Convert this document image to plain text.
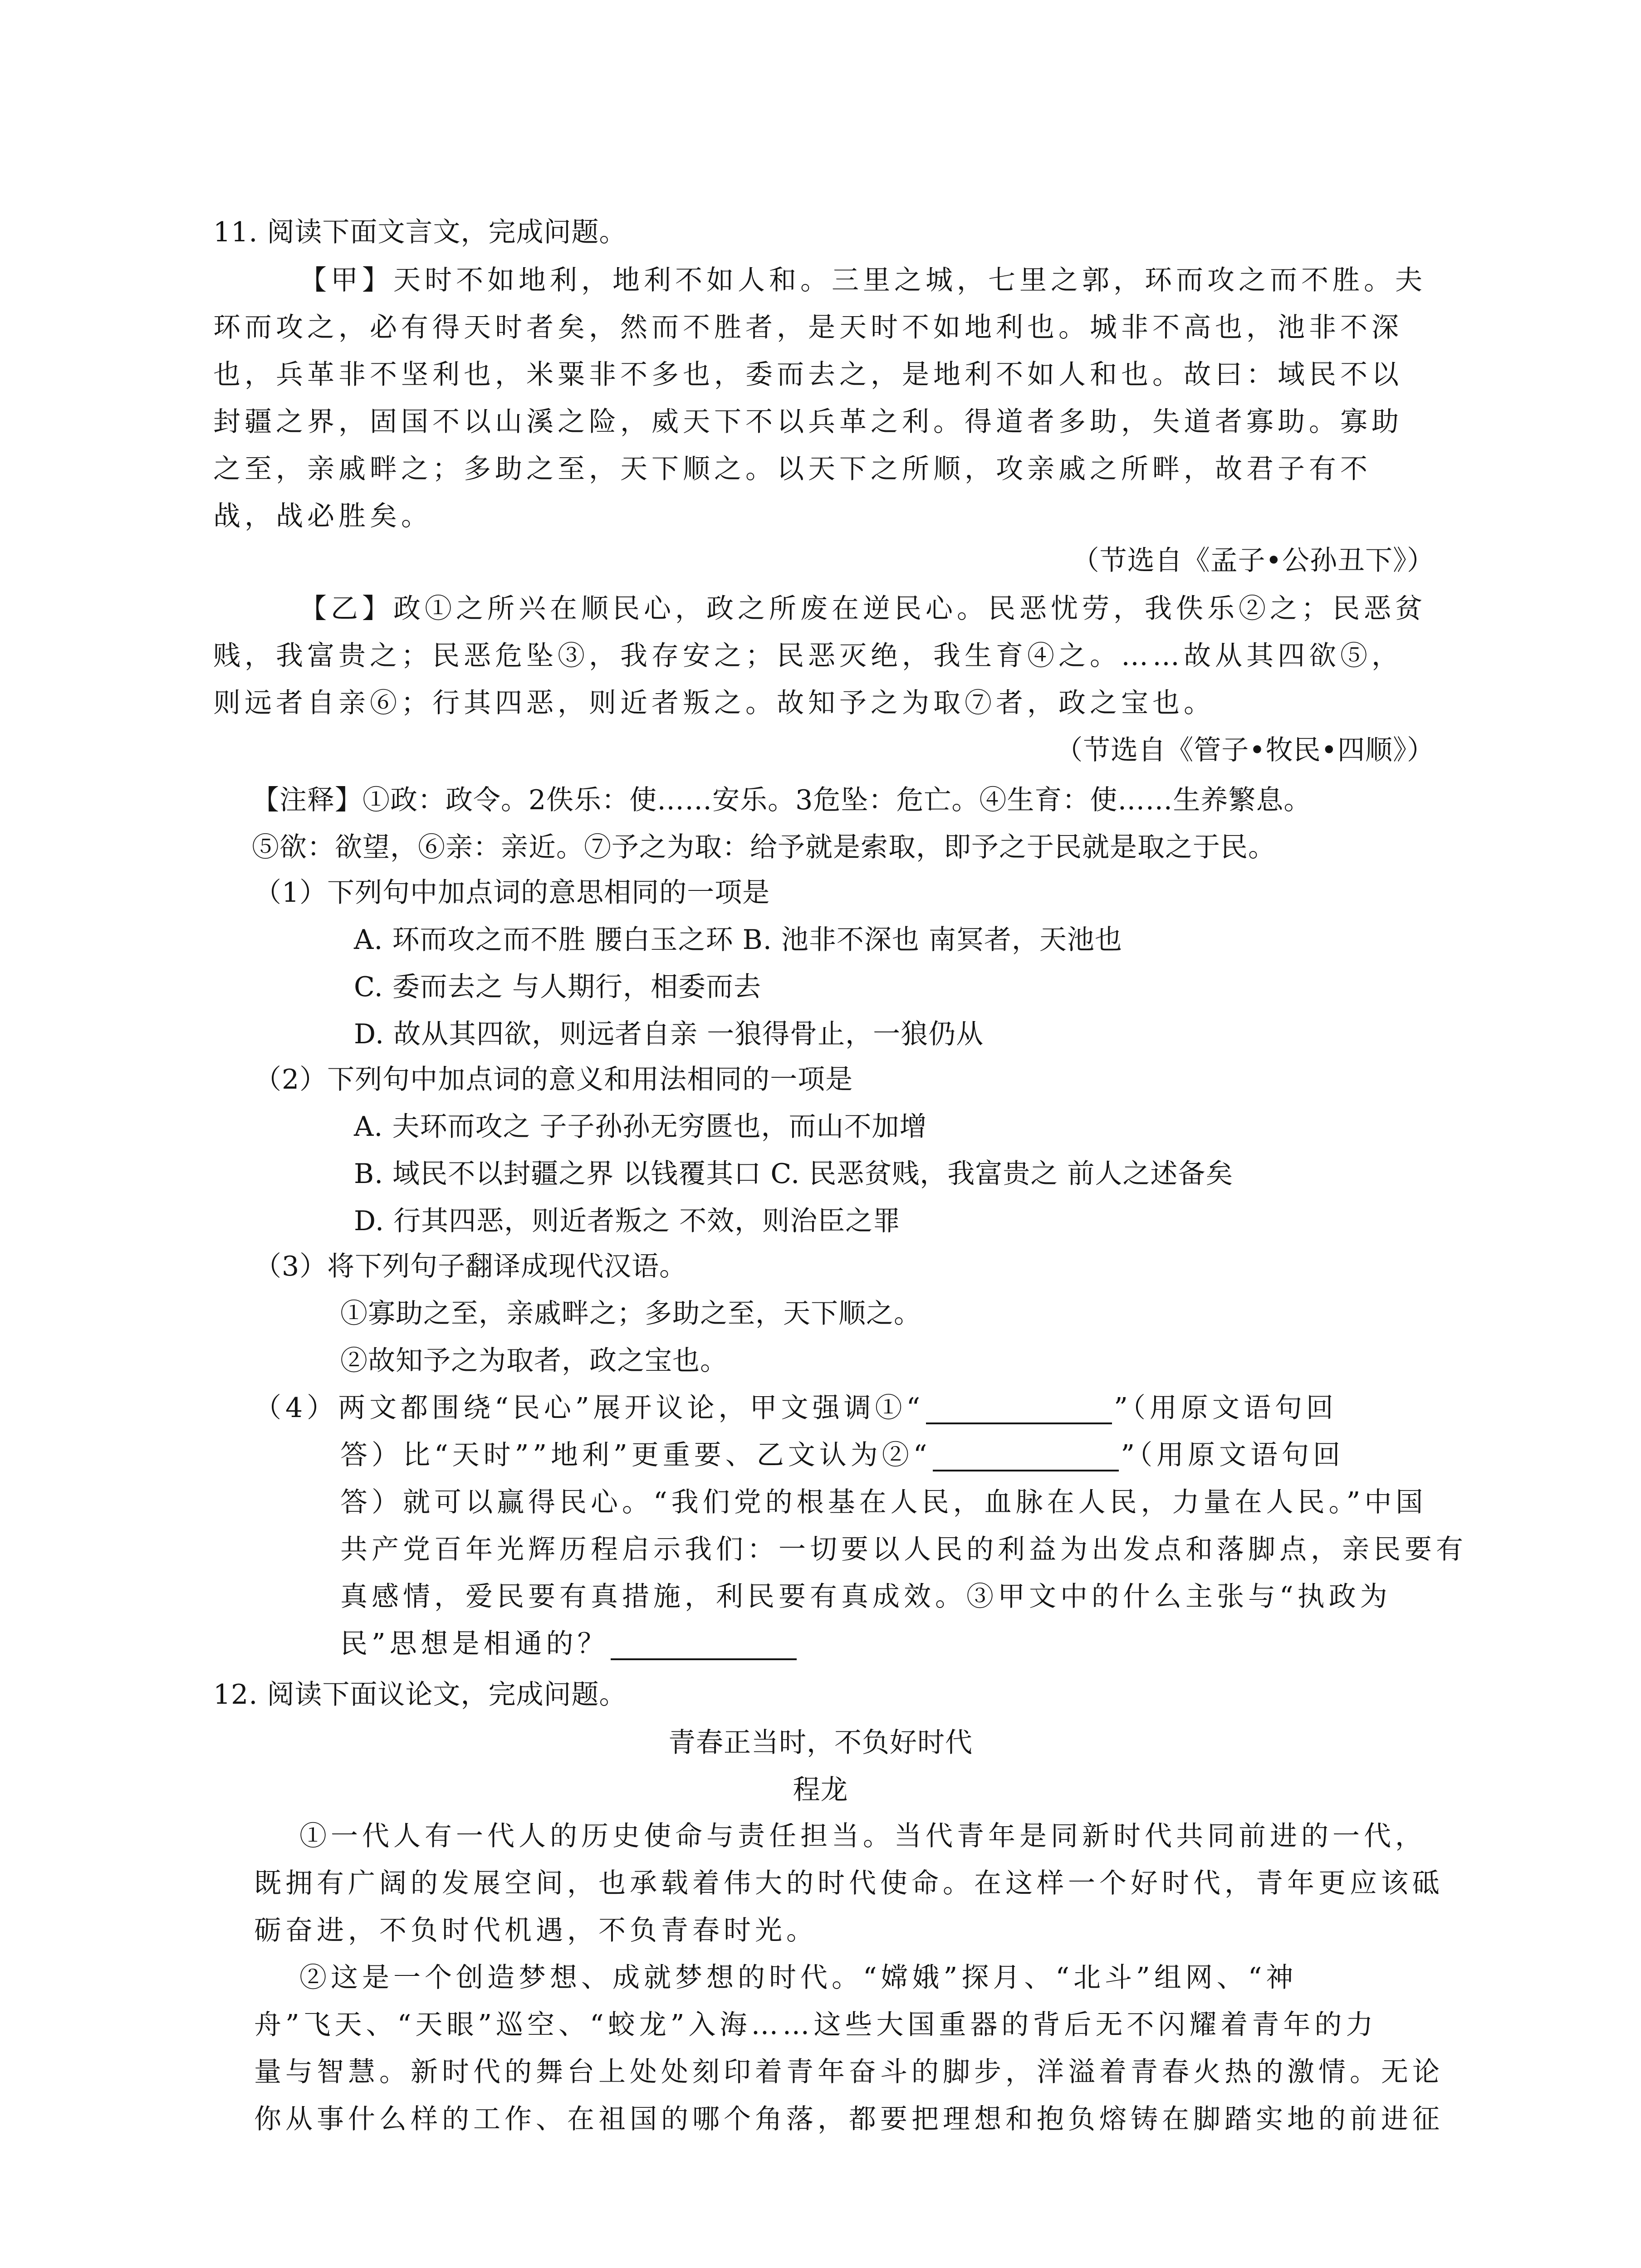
11. 阅读下面文言文，完成问题。
【甲】天时不如地利，地利不如人和。三里之城，七里之郭，环而攻之而不胜。夫
环而攻之，必有得天时者矣，然而不胜者，是天时不如地利也。城非不高也，池非不深
也，兵革非不坚利也，米粟非不多也，委而去之，是地利不如人和也。故曰：域民不以
封疆之界，固国不以山溪之险，威天下不以兵革之利。得道者多助，失道者寡助。寡助
之至，亲戚畔之；多助之至，天下顺之。以天下之所顺，攻亲戚之所畔，故君子有不
战，战必胜矣。
（节选自《孟子•公孙丑下》）
【乙】政①之所兴在顺民心，政之所废在逆民心。民恶忧劳，我佚乐②之；民恶贫
贱，我富贵之；民恶危坠③，我存安之；民恶灭绝，我生育④之。……故从其四欲⑤，
则远者自亲⑥；行其四恶，则近者叛之。故知予之为取⑦者，政之宝也。
（节选自《管子•牧民•四顺》）
【注释】①政：政令。2佚乐：使……安乐。3危坠：危亡。④生育：使……生养繁息。
⑤欲：欲望，⑥亲：亲近。⑦予之为取：给予就是索取，即予之于民就是取之于民。
（1）下列句中加点词的意思相同的一项是
A. 环而攻之而不胜 腰白玉之环 B. 池非不深也 南冥者，天池也
C. 委而去之 与人期行，相委而去
D. 故从其四欲，则远者自亲 一狼得骨止，一狼仍从
（2）下列句中加点词的意义和用法相同的一项是
A. 夫环而攻之 子子孙孙无穷匮也，而山不加增
B. 域民不以封疆之界 以钱覆其口 C. 民恶贫贱，我富贵之 前人之述备矣
D. 行其四恶，则近者叛之 不效，则治臣之罪
（3）将下列句子翻译成现代汉语。
①寡助之至，亲戚畔之；多助之至，天下顺之。
②故知予之为取者，政之宝也。
（4）两文都围绕“民心”展开议论，甲文强调①“	”（用原文语句回
答）比“天时””地利”更重要、乙文认为②“	”（用原文语句回
答）就可以赢得民心。“我们党的根基在人民，血脉在人民，力量在人民。”中国
共产党百年光辉历程启示我们：一切要以人民的利益为出发点和落脚点，亲民要有
真感情，爱民要有真措施，利民要有真成效。③甲文中的什么主张与“执政为
民”思想是相通的？
12. 阅读下面议论文，完成问题。
青春正当时，不负好时代
程龙
①一代人有一代人的历史使命与责任担当。当代青年是同新时代共同前进的一代，
既拥有广阔的发展空间，也承载着伟大的时代使命。在这样一个好时代，青年更应该砥
砺奋进，不负时代机遇，不负青春时光。
②这是一个创造梦想、成就梦想的时代。“嫦娥”探月、“北斗”组网、“神
舟”飞天、“天眼”巡空、“蛟龙”入海……这些大国重器的背后无不闪耀着青年的力
量与智慧。新时代的舞台上处处刻印着青年奋斗的脚步，洋溢着青春火热的激情。无论
你从事什么样的工作、在祖国的哪个角落，都要把理想和抱负熔铸在脚踏实地的前进征
